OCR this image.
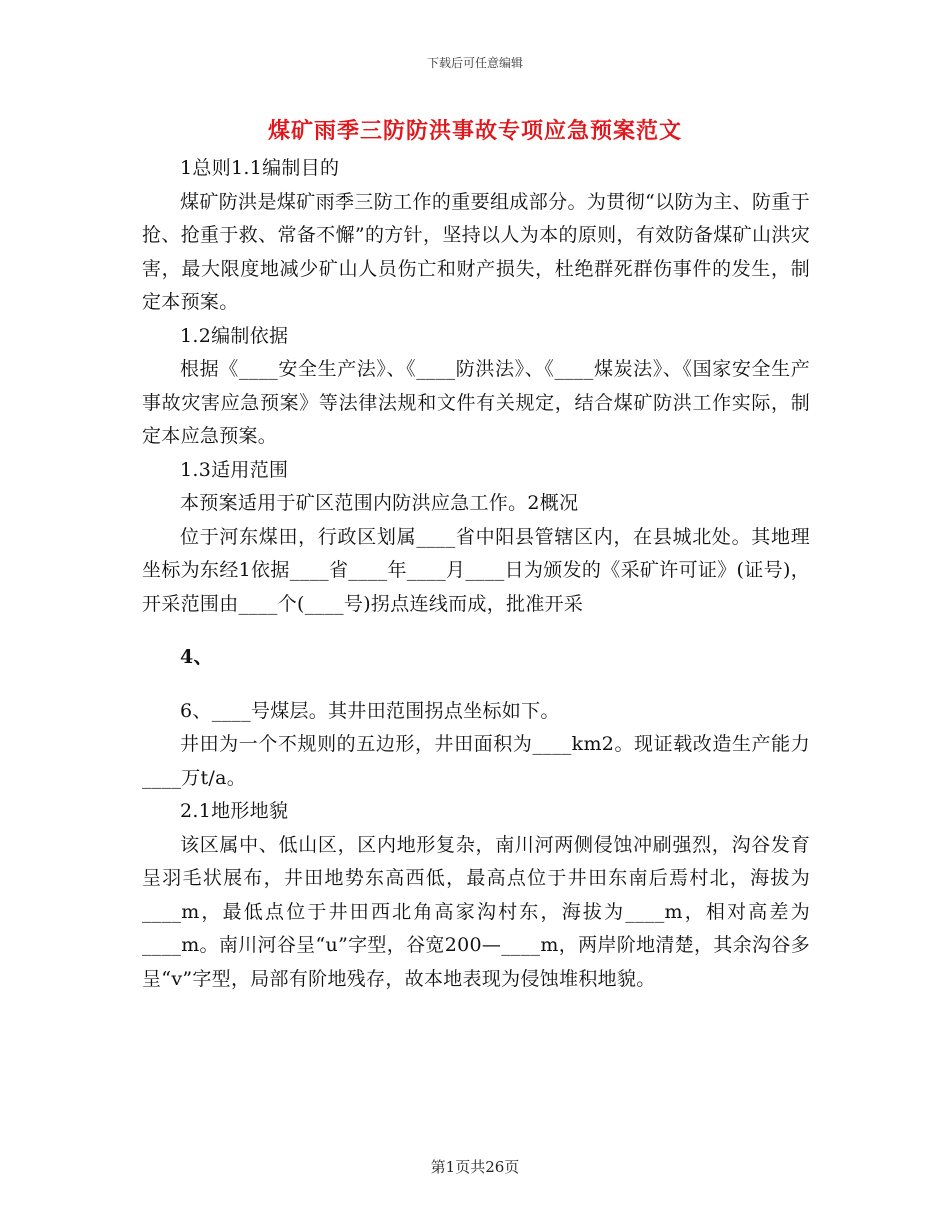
下载后可任意编辑
煤矿雨季三防防洪事故专项应急预案范文

1总则1.1编制目的

煤矿防洪是煤矿雨季三防工作的重要组成部分。为贯彻“以防为主、防重于抢、抢重于救、常备不懈”的方针，坚持以人为本的原则，有效防备煤矿山洪灾害，最大限度地减少矿山人员伤亡和财产损失，杜绝群死群伤事件的发生，制定本预案。

1.2编制依据

根据《____安全生产法》、《____防洪法》、《____煤炭法》、《国家安全生产事故灾害应急预案》等法律法规和文件有关规定，结合煤矿防洪工作实际，制定本应急预案。

1.3适用范围

本预案适用于矿区范围内防洪应急工作。2概况

位于河东煤田，行政区划属____省中阳县管辖区内，在县城北处。其地理坐标为东经1依据____省____年____月____日为颁发的《采矿许可证》(证号)，开采范围由____个(____号)拐点连线而成，批准开采

4、

6、____号煤层。其井田范围拐点坐标如下。

井田为一个不规则的五边形，井田面积为____km2。现证载改造生产能力____万t/a。

2.1地形地貌

该区属中、低山区，区内地形复杂，南川河两侧侵蚀冲刷强烈，沟谷发育呈羽毛状展布，井田地势东高西低，最高点位于井田东南后焉村北，海拔为____m，最低点位于井田西北角高家沟村东，海拔为____m，相对高差为____m。南川河谷呈“u”字型，谷宽200—____m，两岸阶地清楚，其余沟谷多呈“v”字型，局部有阶地残存，故本地表现为侵蚀堆积地貌。

第1页共26页
